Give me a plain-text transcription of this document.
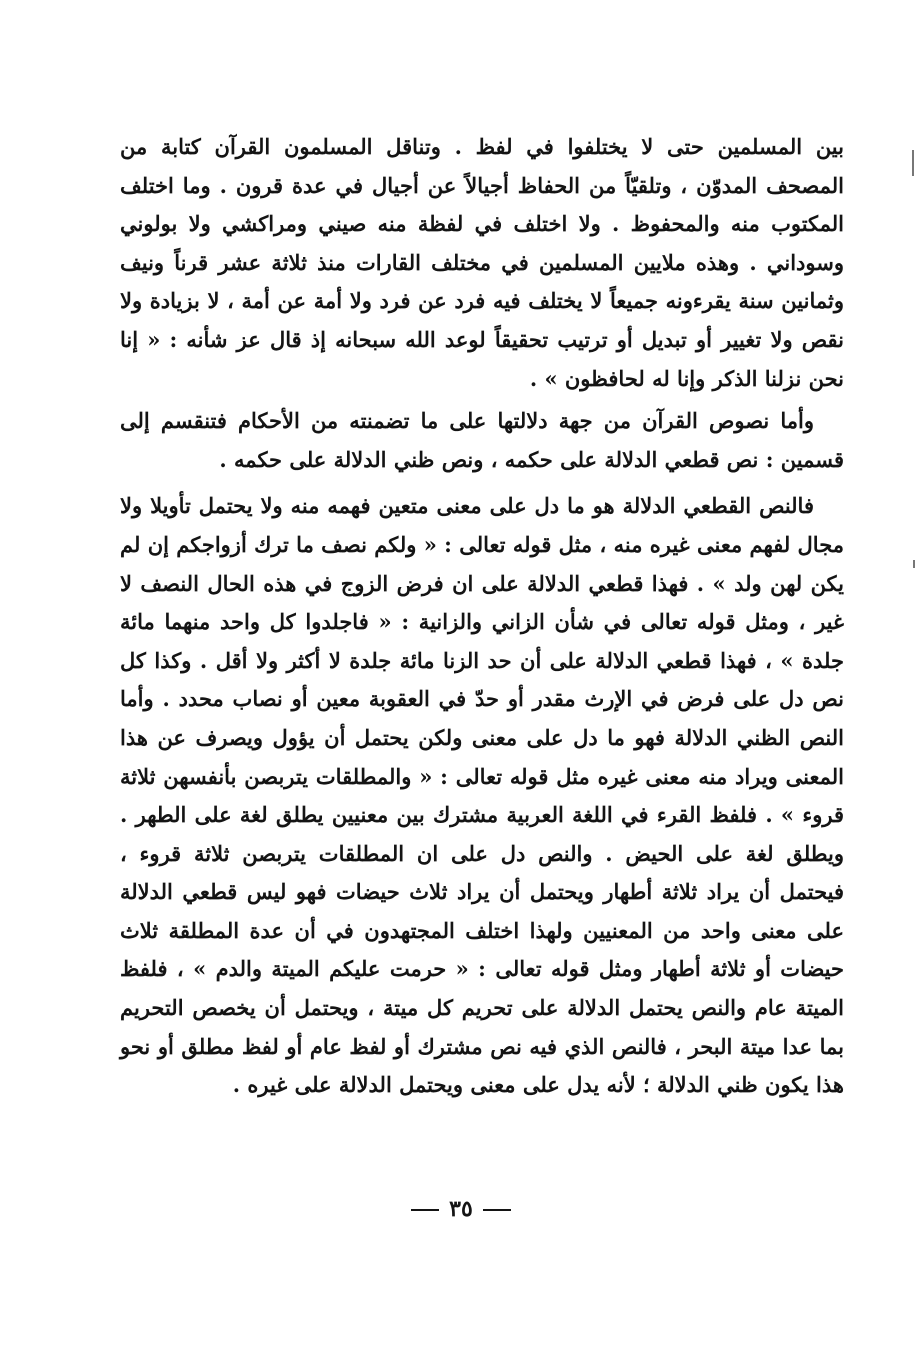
بين المسلمين حتى لا يختلفوا في لفظ . وتناقل المسلمون القرآن كتابة من المصحف المدوّن ، وتلقيّاً من الحفاظ أجيالاً عن أجيال في عدة قرون . وما اختلف المكتوب منه والمحفوظ . ولا اختلف في لفظة منه صيني ومراكشي ولا بولوني وسوداني . وهذه ملايين المسلمين في مختلف القارات منذ ثلاثة عشر قرناً ونيف وثمانين سنة يقرءونه جميعاً لا يختلف فيه فرد عن فرد ولا أمة عن أمة ، لا بزيادة ولا نقص ولا تغيير أو تبديل أو ترتيب تحقيقاً لوعد الله سبحانه إذ قال عز شأنه : « إنا نحن نزلنا الذكر وإنا له لحافظون » .

وأما نصوص القرآن من جهة دلالتها على ما تضمنته من الأحكام فتنقسم إلى قسمين : نص قطعي الدلالة على حكمه ، ونص ظني الدلالة على حكمه .

فالنص القطعي الدلالة هو ما دل على معنى متعين فهمه منه ولا يحتمل تأويلا ولا مجال لفهم معنى غيره منه ، مثل قوله تعالى : « ولكم نصف ما ترك أزواجكم إن لم يكن لهن ولد » . فهذا قطعي الدلالة على ان فرض الزوج في هذه الحال النصف لا غير ، ومثل قوله تعالى في شأن الزاني والزانية : « فاجلدوا كل واحد منهما مائة جلدة » ، فهذا قطعي الدلالة على أن حد الزنا مائة جلدة لا أكثر ولا أقل . وكذا كل نص دل على فرض في الإرث مقدر أو حدّ في العقوبة معين أو نصاب محدد . وأما النص الظني الدلالة فهو ما دل على معنى ولكن يحتمل أن يؤول ويصرف عن هذا المعنى ويراد منه معنى غيره مثل قوله تعالى : « والمطلقات يتربصن بأنفسهن ثلاثة قروء » . فلفظ القرء في اللغة العربية مشترك بين معنيين يطلق لغة على الطهر . ويطلق لغة على الحيض . والنص دل على ان المطلقات يتربصن ثلاثة قروء ، فيحتمل أن يراد ثلاثة أطهار ويحتمل أن يراد ثلاث حيضات فهو ليس قطعي الدلالة على معنى واحد من المعنيين ولهذا اختلف المجتهدون في أن عدة المطلقة ثلاث حيضات أو ثلاثة أطهار ومثل قوله تعالى : « حرمت عليكم الميتة والدم » ، فلفظ الميتة عام والنص يحتمل الدلالة على تحريم كل ميتة ، ويحتمل أن يخصص التحريم بما عدا ميتة البحر ، فالنص الذي فيه نص مشترك أو لفظ عام أو لفظ مطلق أو نحو هذا يكون ظني الدلالة ؛ لأنه يدل على معنى ويحتمل الدلالة على غيره .

٣٥
